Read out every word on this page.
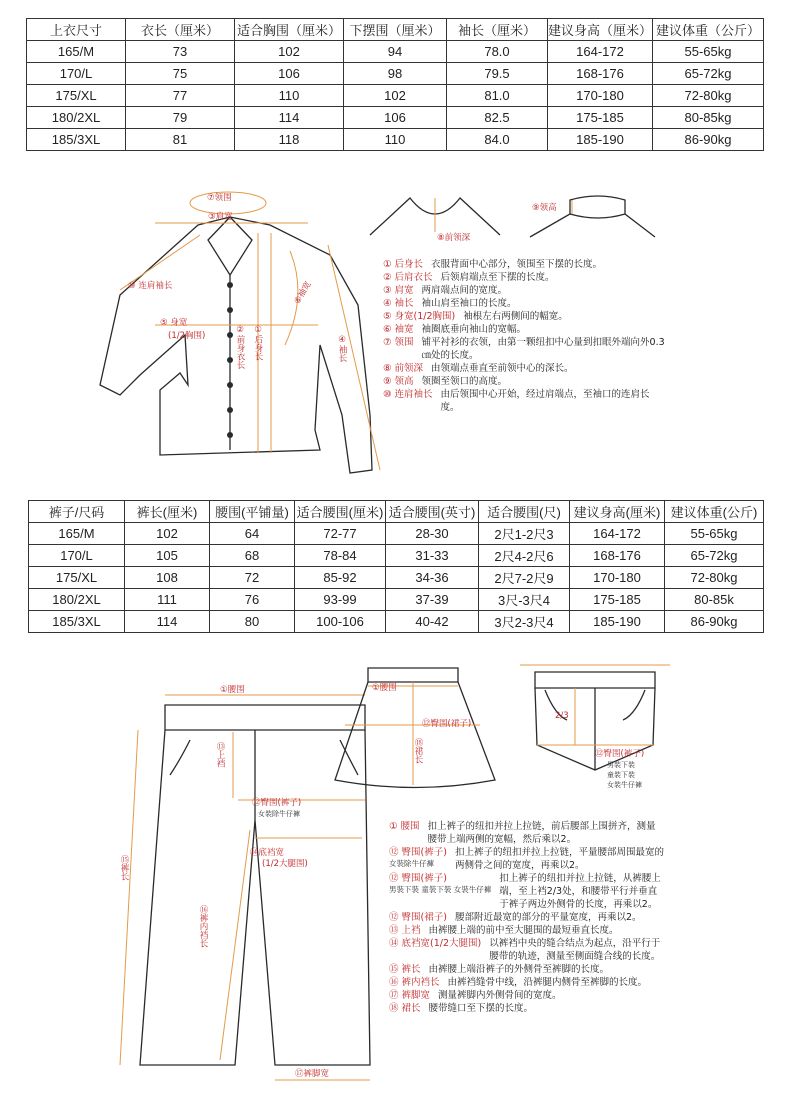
上衣尺寸	衣长（厘米）	适合胸围（厘米）	下摆围（厘米）	袖长（厘米）	建议身高（厘米）	建议体重（公斤）
165/M	73	102	94	78.0	164-172	55-65kg
170/L	75	106	98	79.5	168-176	65-72kg
175/XL	77	110	102	81.0	170-180	72-80kg
180/2XL	79	114	106	82.5	175-185	80-85kg
185/3XL	81	118	110	84.0	185-190	86-90kg
⑦领围
③肩宽
⑩ 连肩袖长	⑥袖宽
⑤ 身宽
(1/2胸围)	②前身衣长 ①后身长	④袖长
⑧前领深
⑨领高
① 后身长 衣服背面中心部分，领围至下摆的长度。
② 后肩衣长 后领肩端点至下摆的长度。
③ 肩宽 两肩端点间的宽度。
④ 袖长 袖山肩至袖口的长度。
⑤ 身宽(1/2胸围) 袖根左右两侧间的幅宽。
⑥ 袖宽 袖圈底垂向袖山的宽幅。
⑦ 领围 铺平衬衫的衣领，由第一颗纽扣中心量到扣眼外端向外0.3㎝处的长度。
⑧ 前领深 由领端点垂直至前领中心的深长。
⑨ 领高 领圈至领口的高度。
⑩ 连肩袖长 由后领围中心开始，经过肩端点，至袖口的连肩长度。
裤子/尺码	裤长(厘米)	腰围(平铺量)	适合腰围(厘米)	适合腰围(英寸)	适合腰围(尺)	建议身高(厘米)	建议体重(公斤)
165/M	102	64	72-77	28-30	2尺1-2尺3	164-172	55-65kg
170/L	105	68	78-84	31-33	2尺4-2尺6	168-176	65-72kg
175/XL	108	72	85-92	34-36	2尺7-2尺9	170-180	72-80kg
180/2XL	111	76	93-99	37-39	3尺-3尺4	175-185	80-85k
185/3XL	114	80	100-106	40-42	3尺2-3尺4	185-190	86-90kg
①腰围
⑬上裆
⑫臀围(裤子)
女裝除牛仔褲
⑭底裆宽
(1/2大腿围)
⑮裤长
⑯裤内裆长
⑰裤脚宽
①腰围
⑫臀围(裙子)
⑱裙长
2/3
⑫臀围(裤子)
男裝下裝
童裝下裝
女裝牛仔褲
① 腰围 扣上裤子的纽扣并拉上拉链，前后腰部上围拼齐，测量腰带上端两侧的宽幅，然后乘以2。
⑫ 臀围(裤子)
女裝除牛仔褲
扣上裤子的纽扣并拉上拉链，平量腰部周围最宽的两侧骨之间的宽度，再乘以2。
⑫ 臀围(裤子)
男裝下裝 童裝下裝 女裝牛仔褲
扣上裤子的纽扣并拉上拉链，从裤腰上端，至上裆2/3处，和腰带平行并垂直于裤子两边外侧骨的长度，再乘以2。
⑫ 臀围(裙子) 腰部附近最宽的部分的平量宽度，再乘以2。
⑬ 上裆 由裤腰上端的前中至大腿围的最短垂直长度。
⑭ 底裆宽(1/2大腿围) 以裤裆中央的缝合结点为起点，沿平行于腰带的轨迹，测量至侧面缝合线的长度。
⑮ 裤长 由裤腰上端沿裤子的外侧骨至裤脚的长度。
⑯ 裤内裆长 由裤裆缝骨中线，沿裤腿内侧骨至裤脚的长度。
⑰ 裤脚宽 测量裤脚内外侧骨间的宽度。
⑱ 裙长 腰带缝口至下摆的长度。
